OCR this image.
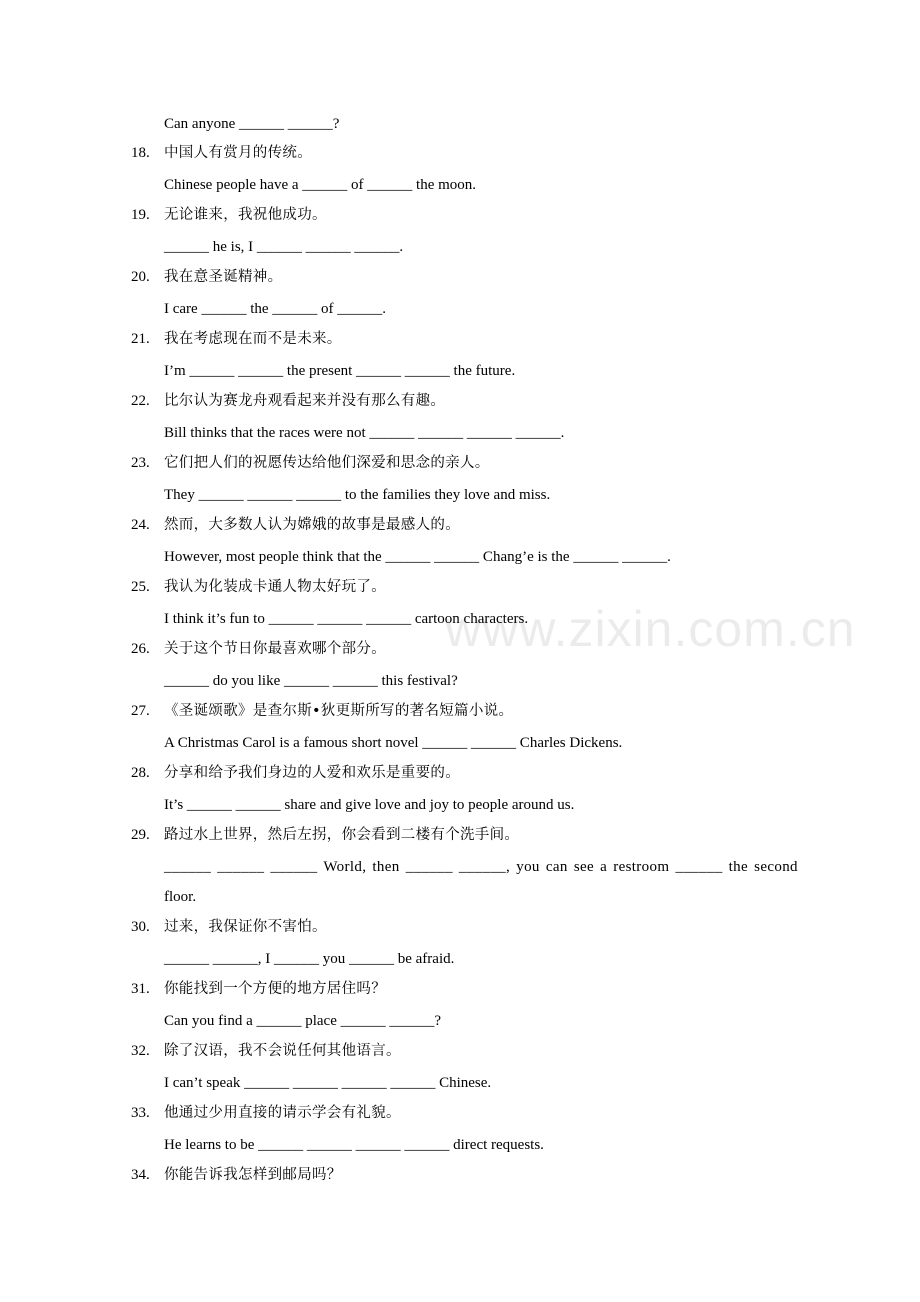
www.zixin.com.cn
Can anyone ______ ______?
18. 中国人有赏月的传统。
Chinese people have a ______ of ______ the moon.
19. 无论谁来，我祝他成功。
______ he is, I ______ ______ ______.
20. 我在意圣诞精神。
I care ______ the ______ of ______.
21. 我在考虑现在而不是未来。
I’m ______ ______ the present ______ ______ the future.
22. 比尔认为赛龙舟观看起来并没有那么有趣。
Bill thinks that the races were not ______ ______ ______ ______.
23. 它们把人们的祝愿传达给他们深爱和思念的亲人。
They ______ ______ ______ to the families they love and miss.
24. 然而，大多数人认为嫦娥的故事是最感人的。
However, most people think that the ______ ______ Chang’e is the ______ ______.
25. 我认为化装成卡通人物太好玩了。
I think it’s fun to ______ ______ ______ cartoon characters.
26. 关于这个节日你最喜欢哪个部分。
______ do you like ______ ______ this festival?
27. 《圣诞颂歌》是查尔斯•狄更斯所写的著名短篇小说。
A Christmas Carol is a famous short novel ______ ______ Charles Dickens.
28. 分享和给予我们身边的人爱和欢乐是重要的。
It’s ______ ______ share and give love and joy to people around us.
29. 路过水上世界，然后左拐，你会看到二楼有个洗手间。
______ ______ ______ World, then ______ ______, you can see a restroom ______ the second
floor.
30. 过来，我保证你不害怕。
______ ______, I ______ you ______ be afraid.
31. 你能找到一个方便的地方居住吗？
Can you find a ______ place ______ ______?
32. 除了汉语，我不会说任何其他语言。
I can’t speak ______ ______ ______ ______ Chinese.
33. 他通过少用直接的请示学会有礼貌。
He learns to be ______ ______ ______ ______ direct requests.
34. 你能告诉我怎样到邮局吗？
